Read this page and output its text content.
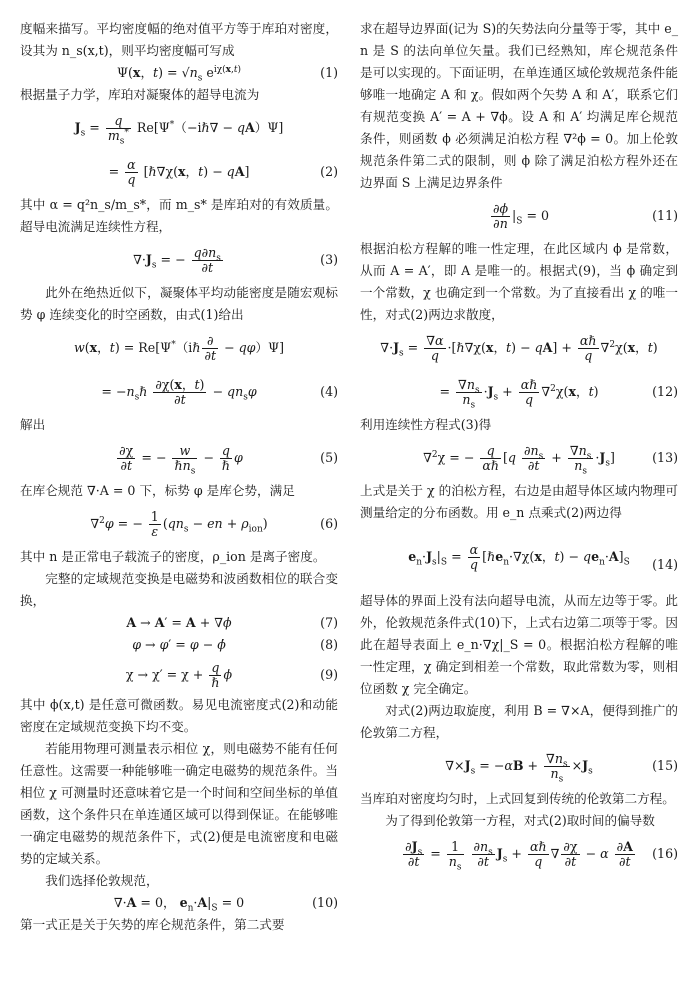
度幅来描写。平均密度幅的绝对值平方等于库珀对密度，设其为 n_s(x,t)，则平均密度幅可写成

Ψ(x，$t) = √n_s$ $e^{i\chi(x,t)}$	(1)

根据量子力学，库珀对凝聚体的超导电流为

$J_s = \frac{q}{m_s^*}$ Re[Ψ*（−iℏ∇ − qA）Ψ]
= $\frac{\alpha}{q}$ [ℏ∇χ(x，t) − qA]	(2)

其中 α = q²n_s/m_s*，而 m_s* 是库珀对的有效质量。超导电流满足连续性方程，

$\nabla\cdot J_s$ = − $\frac{q\partial n_s}{\partial t}$	(3)

此外在绝热近似下，凝聚体平均动能密度是随宏观标势 φ 连续变化的时空函数，由式(1)给出

w(x，t) = Re[Ψ*（iℏ $\frac{\partial}{\partial t} - q\varphi)\Psi$]
= $-n_s\hbar \frac{\partial\chi(x,t)}{\partial t} - qn_s\varphi$	(4)

解出

$\frac{\partial\chi}{\partial t}$ = − $\frac{w}{\hbar n_s} - \frac{q}{\text{ℏ}}$ φ	(5)

在库仑规范 ∇·A = 0 下，标势 φ 是库仑势，满足

∇$^2$φ = − $\frac{1}{\varepsilon} (qn_s$ − en + $\rho_{ion}$)	(6)

其中 n 是正常电子载流子的密度，ρ_ion 是离子密度。

完整的定域规范变换是电磁势和波函数相位的联合变换，

A → A′ = A + ∇ϕ	(7)
φ → φ′ = φ − ϕ̇	(8)
$\chi \to \chi' = \chi + \frac{q}{\text{ℏ}}$ ϕ	(9)

其中 ϕ(x,t) 是任意可微函数。易见电流密度式(2)和动能密度在定域规范变换下均不变。

若能用物理可测量表示相位 χ，则电磁势不能有任何任意性。这需要一种能够唯一确定电磁势的规范条件。当相位 χ 可测量时还意味着它是一个时间和空间坐标的单值函数，这个条件只在单连通区域可以得到保证。在能够唯一确定电磁势的规范条件下，式(2)便是电流密度和电磁势的定域关系。

我们选择伦敦规范，

∇·A = 0， $e_n\cdot A|_S = 0$	(10)

第一式正是关于矢势的库仑规范条件，第二式要

求在超导边界面(记为 S)的矢势法向分量等于零，其中 e_n 是 S 的法向单位矢量。我们已经熟知，库仑规范条件是可以实现的。下面证明，在单连通区域伦敦规范条件能够唯一地确定 A 和 χ。假如两个矢势 A 和 A′，联系它们有规范变换 A′ = A + ∇ϕ。设 A 和 A′ 均满足库仑规范条件，则函数 ϕ 必须满足泊松方程 ∇²ϕ = 0。加上伦敦规范条件第二式的限制，则 ϕ 除了满足泊松方程外还在边界面 S 上满足边界条件

$\frac{\partial\phi}{\partial n} |_S = 0$	(11)

根据泊松方程解的唯一性定理，在此区域内 ϕ 是常数，从而 A = A′，即 A 是唯一的。根据式(9)，当 ϕ 确定到一个常数，χ 也确定到一个常数。为了直接看出 χ 的唯一性，对式(2)两边求散度，

$\nabla\cdot J_s = \frac{\nabla\alpha}{q}$ ·[ℏ∇χ(x，$t) - qA] + \frac{\text{αℏ}}{q} \nabla^2\chi(x$，t)
= $\frac{\nabla n_s}{n_s} \cdot J_s + \frac{\text{αℏ}}{q} \nabla^2\chi(x$，t)	(12)

利用连续性方程式(3)得

∇$^2$χ = − $\frac{q}{\text{αℏ}} [q \frac{\partial n_s}{\partial t} + \frac{\nabla n_s}{n_s} \cdot J_s]$	(13)

上式是关于 χ 的泊松方程，右边是由超导体区域内物理可测量给定的分布函数。用 e_n 点乘式(2)两边得

$e_n\cdot J_s|_S = \frac{\alpha}{q}$ [ℏe$_n$·∇χ(x，$t) - qe_n\cdot A]_S$ (14)

超导体的界面上没有法向超导电流，从而左边等于零。此外，伦敦规范条件式(10)下，上式右边第二项等于零。因此在超导表面上 e_n·∇χ|_S = 0。根据泊松方程解的唯一性定理，χ 确定到相差一个常数，取此常数为零，则相位函数 χ 完全确定。

对式(2)两边取旋度，利用 B = ∇×A，便得到推广的伦敦第二方程，

$\nabla\times J_s = -\alpha B + \frac{\nabla n_s}{n_s} \times J_s$	(15)

当库珀对密度均匀时，上式回复到传统的伦敦第二方程。

为了得到伦敦第一方程，对式(2)取时间的偏导数

$\frac{\partial J_s}{\partial t} = \frac{1}{n_s}$
$\frac{\partial n_s}{\partial t} J_s + \frac{\text{αℏ}}{q}$ ∇ $\frac{\partial\chi}{\partial t} - \alpha \frac{\partial A}{\partial t} (16)$
